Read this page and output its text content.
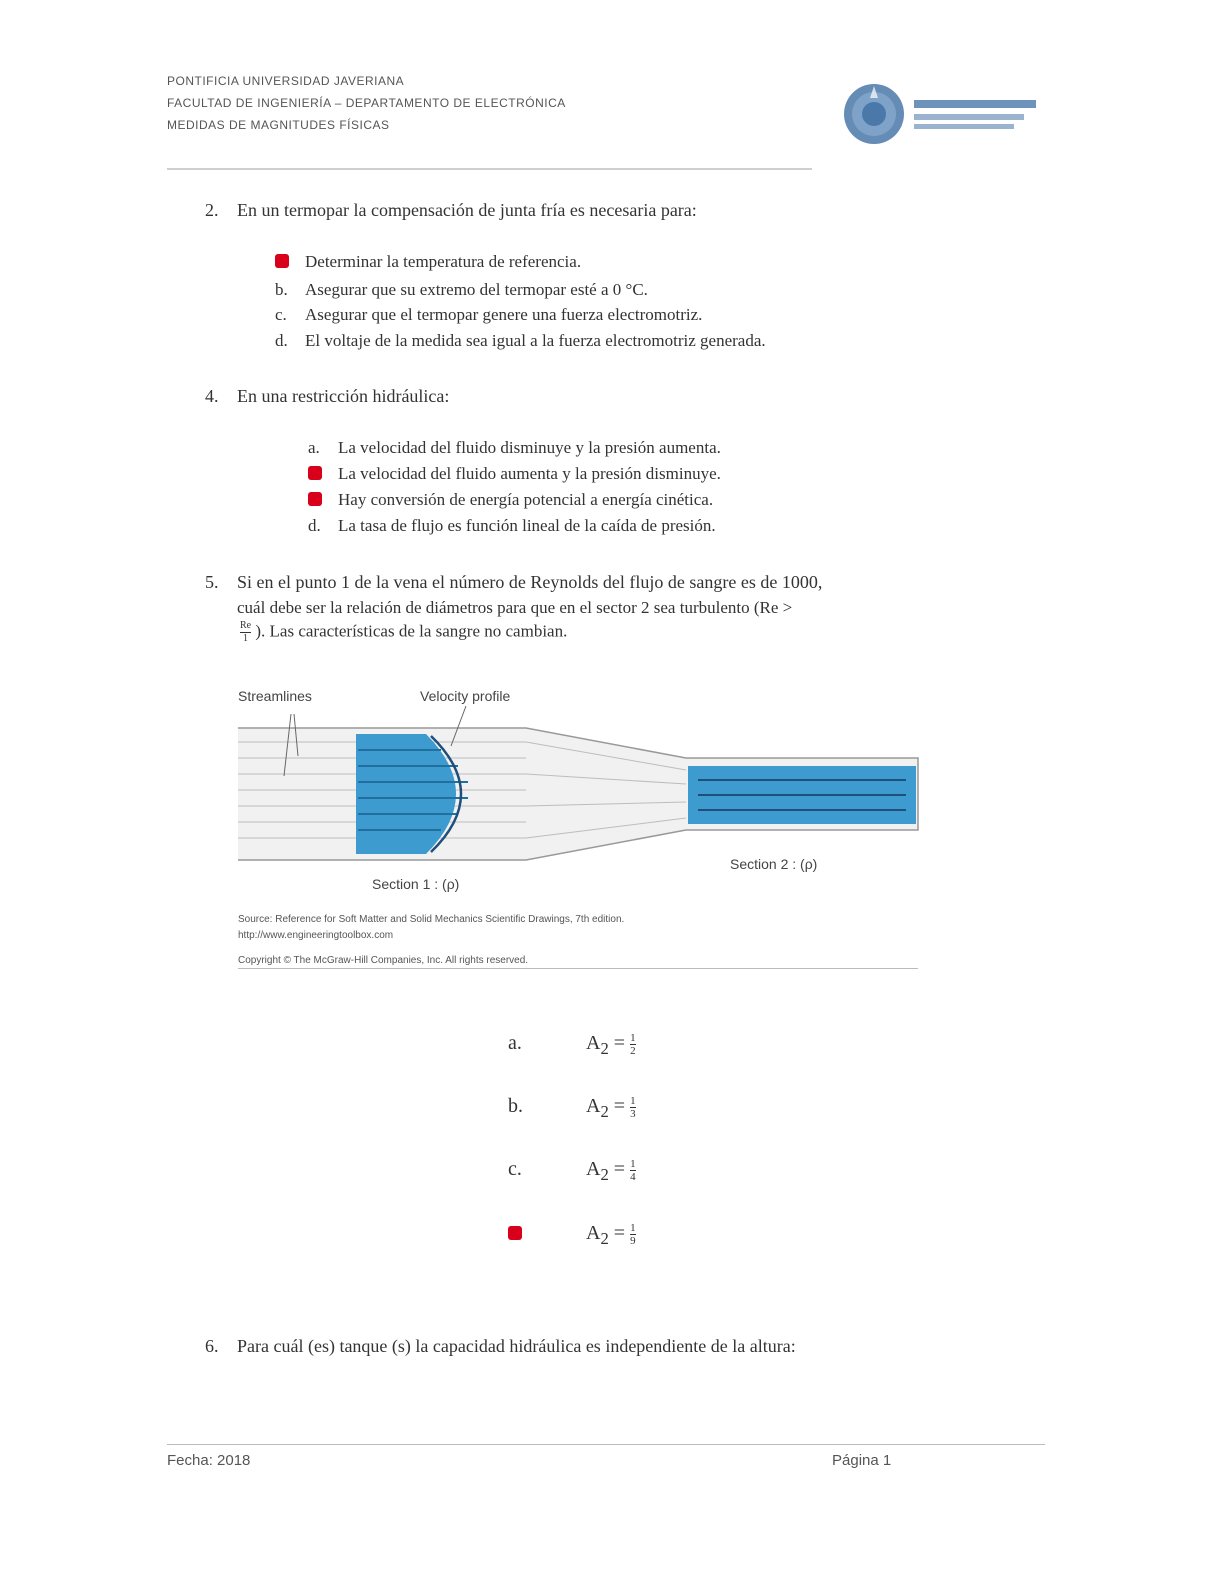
PONTIFICIA UNIVERSIDAD JAVERIANA
FACULTAD DE INGENIERÍA – DEPARTAMENTO DE ELECTRÓNICA
MEDIDAS DE MAGNITUDES FÍSICAS
2. En un termopar la compensación de junta fría es necesaria para:
Determinar la temperatura de referencia.
b. Asegurar que su extremo del termopar esté a 0 °C.
c. Asegurar que el termopar genere una fuerza electromotriz.
d. El voltaje de la medida sea igual a la fuerza electromotriz generada.
4. En una restricción hidráulica:
a. La velocidad del fluido disminuye y la presión aumenta.
La velocidad del fluido aumenta y la presión disminuye.
Hay conversión de energía potencial a energía cinética.
d. La tasa de flujo es función lineal de la caída de presión.
5. Si en el punto 1 de la vena el número de Reynolds del flujo de sangre es de 1000,
cuál debe ser la relación de diámetros para que en el sector 2 sea turbulento (Re >
$\frac{Re}{1}$ ). Las características de la sangre no cambian.
Streamlines	Velocity profile
Section 1 : (ρ)
Section 2 : (ρ)
Source: Reference for Soft Matter and Solid Mechanics Scientific Drawings, 7th edition.
http://www.engineeringtoolbox.com
Copyright © The McGraw-Hill Companies, Inc. All rights reserved.
a.	$A_2 = \frac{1}{2}$
b.	$A_2 = \frac{1}{3}$
c.	$A_2 = \frac{1}{4}$
$A_2 = \frac{1}{9}$
6. Para cuál (es) tanque (s) la capacidad hidráulica es independiente de la altura:
Fecha: 2018	Página 1
